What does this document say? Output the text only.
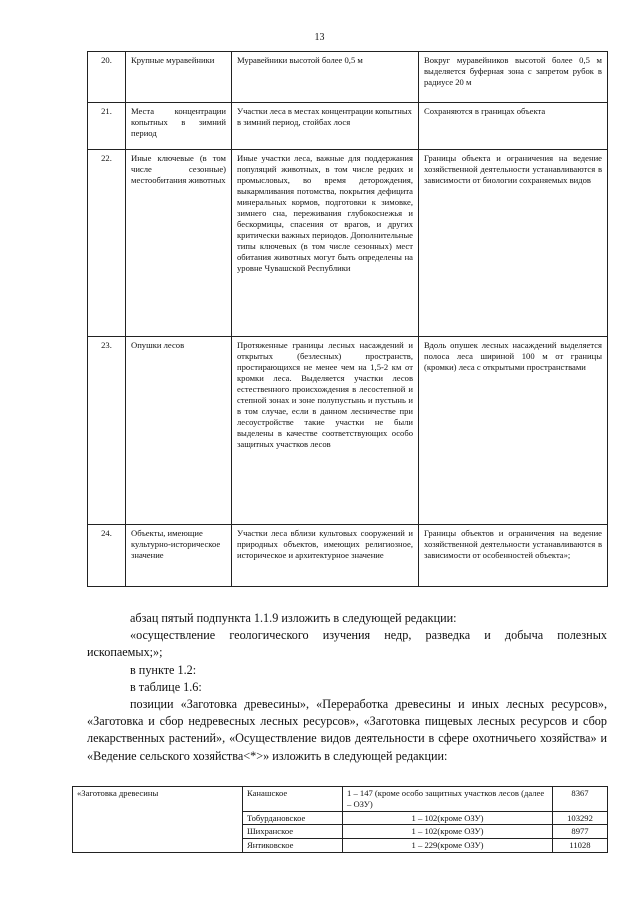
13
20.	Крупные муравейники	Муравейники высотой более 0,5 м	Вокруг муравейников высотой более 0,5 м выделяется буферная зона с запретом рубок в радиусе 20 м
21.	Места концентрации копытных в зимний период	Участки леса в местах концентрации копытных в зимний период, стойбах лося	Сохраняются в границах объекта
22.	Иные ключевые (в том числе сезонные) местообитания животных	Иные участки леса, важные для поддержания популяций животных, в том числе редких и промысловых, во время деторождения, выкармливания потомства, покрытия дефицита минеральных кормов, подготовки к зимовке, зимнего сна, переживания глубокоснежья и бескормицы, спасения от врагов, и других критически важных периодов. Дополнительные типы ключевых (в том числе сезонных) мест обитания животных могут быть определены на уровне Чувашской Республики	Границы объекта и ограничения на ведение хозяйственной деятельности устанавливаются в зависимости от биологии сохраняемых видов
23.	Опушки лесов	Протяженные границы лесных насаждений и открытых (безлесных) пространств, простирающихся не менее чем на 1,5-2 км от кромки леса. Выделяется участки лесов естественного происхождения в лесостепной и степной зонах и зоне полупустынь и пустынь и в том случае, если в данном лесничестве при лесоустройстве такие участки не были выделены в качестве соответствующих особо защитных участков лесов	Вдоль опушек лесных насаждений выделяется полоса леса шириной 100 м от границы (кромки) леса с открытыми пространствами
24.	Объекты, имеющие культурно-историческое значение	Участки леса вблизи культовых сооружений и природных объектов, имеющих религиозное, историческое и архитектурное значение	Границы объектов и ограничения на ведение хозяйственной деятельности устанавливаются в зависимости от особенностей объекта»;

абзац пятый подпункта 1.1.9 изложить в следующей редакции:

«осуществление геологического изучения недр, разведка и добыча полезных ископаемых;»;

в пункте 1.2:

в таблице 1.6:

позиции «Заготовка древесины», «Переработка древесины и иных лесных ресурсов», «Заготовка и сбор недревесных лесных ресурсов», «Заготовка пищевых лесных ресурсов и сбор лекарственных растений», «Осуществление видов деятельности в сфере охотничьего хозяйства» и «Ведение сельского хозяйства<*>» изложить в следующей редакции:

«Заготовка древесины	Канашское	1 – 147 (кроме особо защитных участков лесов (далее – ОЗУ)	8367
	Тобурдановское	1 – 102(кроме ОЗУ)	103292
	Шихранское	1 – 102(кроме ОЗУ)	8977
	Янтиковское	1 – 229(кроме ОЗУ)	11028
